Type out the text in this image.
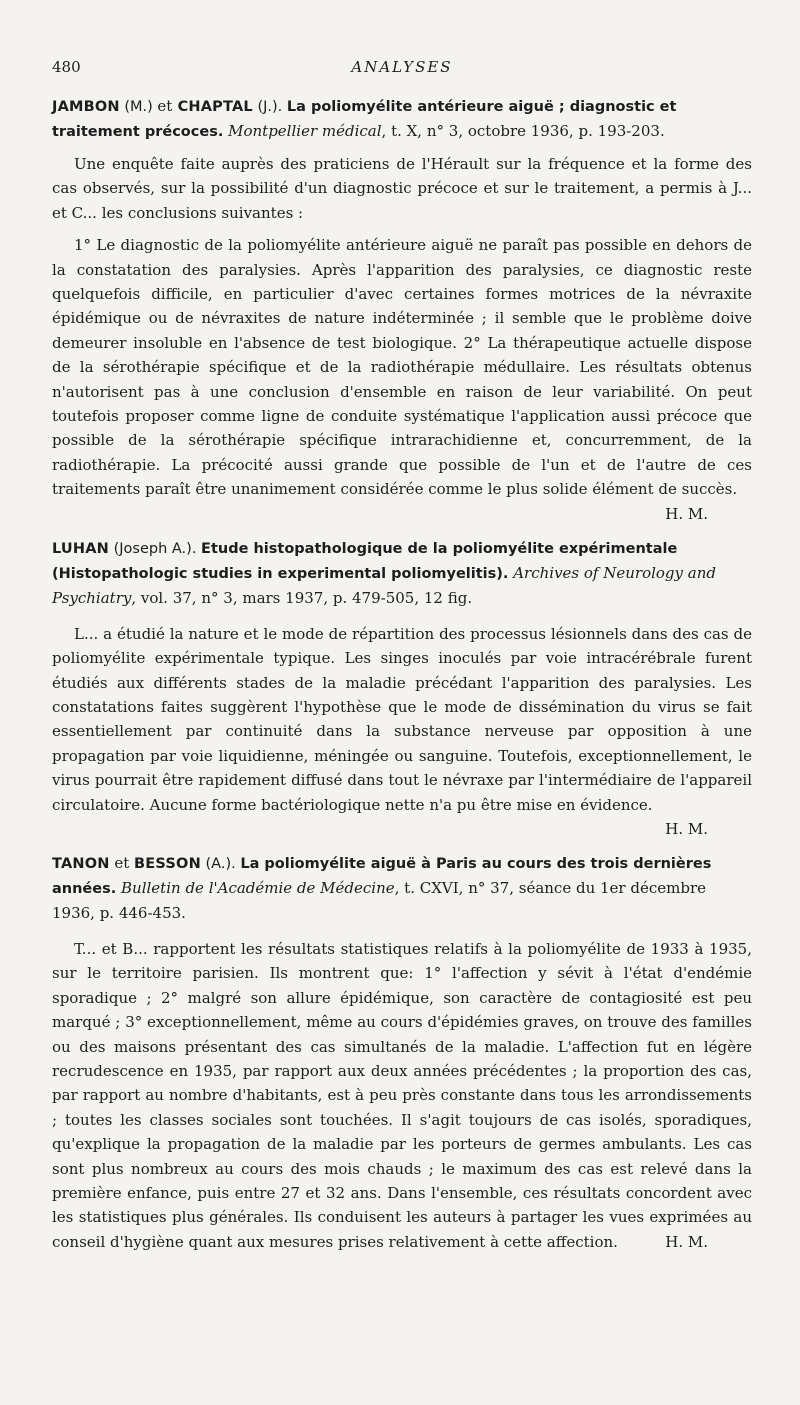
480	ANALYSES

JAMBON (M.) et CHAPTAL (J.). La poliomyélite antérieure aiguë ; diagnostic et traitement précoces. Montpellier médical, t. X, n° 3, octobre 1936, p. 193-203.

Une enquête faite auprès des praticiens de l'Hérault sur la fréquence et la forme des cas observés, sur la possibilité d'un diagnostic précoce et sur le traitement, a permis à J... et C... les conclusions suivantes :

1° Le diagnostic de la poliomyélite antérieure aiguë ne paraît pas possible en dehors de la constatation des paralysies. Après l'apparition des paralysies, ce diagnostic reste quelquefois difficile, en particulier d'avec certaines formes motrices de la névraxite épidémique ou de névraxites de nature indéterminée ; il semble que le problème doive demeurer insoluble en l'absence de test biologique. 2° La thérapeutique actuelle dispose de la sérothérapie spécifique et de la radiothérapie médullaire. Les résultats obtenus n'autorisent pas à une conclusion d'ensemble en raison de leur variabilité. On peut toutefois proposer comme ligne de conduite systématique l'application aussi précoce que possible de la sérothérapie spécifique intrarachidienne et, concurremment, de la radiothérapie. La précocité aussi grande que possible de l'un et de l'autre de ces traitements paraît être unanimement considérée comme le plus solide élément de succès.
H. M.

LUHAN (Joseph A.). Etude histopathologique de la poliomyélite expérimentale (Histopathologic studies in experimental poliomyelitis). Archives of Neurology and Psychiatry, vol. 37, n° 3, mars 1937, p. 479-505, 12 fig.

L... a étudié la nature et le mode de répartition des processus lésionnels dans des cas de poliomyélite expérimentale typique. Les singes inoculés par voie intracérébrale furent étudiés aux différents stades de la maladie précédant l'apparition des paralysies. Les constatations faites suggèrent l'hypothèse que le mode de dissémination du virus se fait essentiellement par continuité dans la substance nerveuse par opposition à une propagation par voie liquidienne, méningée ou sanguine. Toutefois, exceptionnellement, le virus pourrait être rapidement diffusé dans tout le névraxe par l'intermédiaire de l'appareil circulatoire. Aucune forme bactériologique nette n'a pu être mise en évidence.
H. M.

TANON et BESSON (A.). La poliomyélite aiguë à Paris au cours des trois dernières années. Bulletin de l'Académie de Médecine, t. CXVI, n° 37, séance du 1er décembre 1936, p. 446-453.

T... et B... rapportent les résultats statistiques relatifs à la poliomyélite de 1933 à 1935, sur le territoire parisien. Ils montrent que: 1° l'affection y sévit à l'état d'endémie sporadique ; 2° malgré son allure épidémique, son caractère de contagiosité est peu marqué ; 3° exceptionnellement, même au cours d'épidémies graves, on trouve des familles ou des maisons présentant des cas simultanés de la maladie. L'affection fut en légère recrudescence en 1935, par rapport aux deux années précédentes ; la proportion des cas, par rapport au nombre d'habitants, est à peu près constante dans tous les arrondissements ; toutes les classes sociales sont touchées. Il s'agit toujours de cas isolés, sporadiques, qu'explique la propagation de la maladie par les porteurs de germes ambulants. Les cas sont plus nombreux au cours des mois chauds ; le maximum des cas est relevé dans la première enfance, puis entre 27 et 32 ans. Dans l'ensemble, ces résultats concordent avec les statistiques plus générales. Ils conduisent les auteurs à partager les vues exprimées au conseil d'hygiène quant aux mesures prises relativement à cette affection.	H. M.
